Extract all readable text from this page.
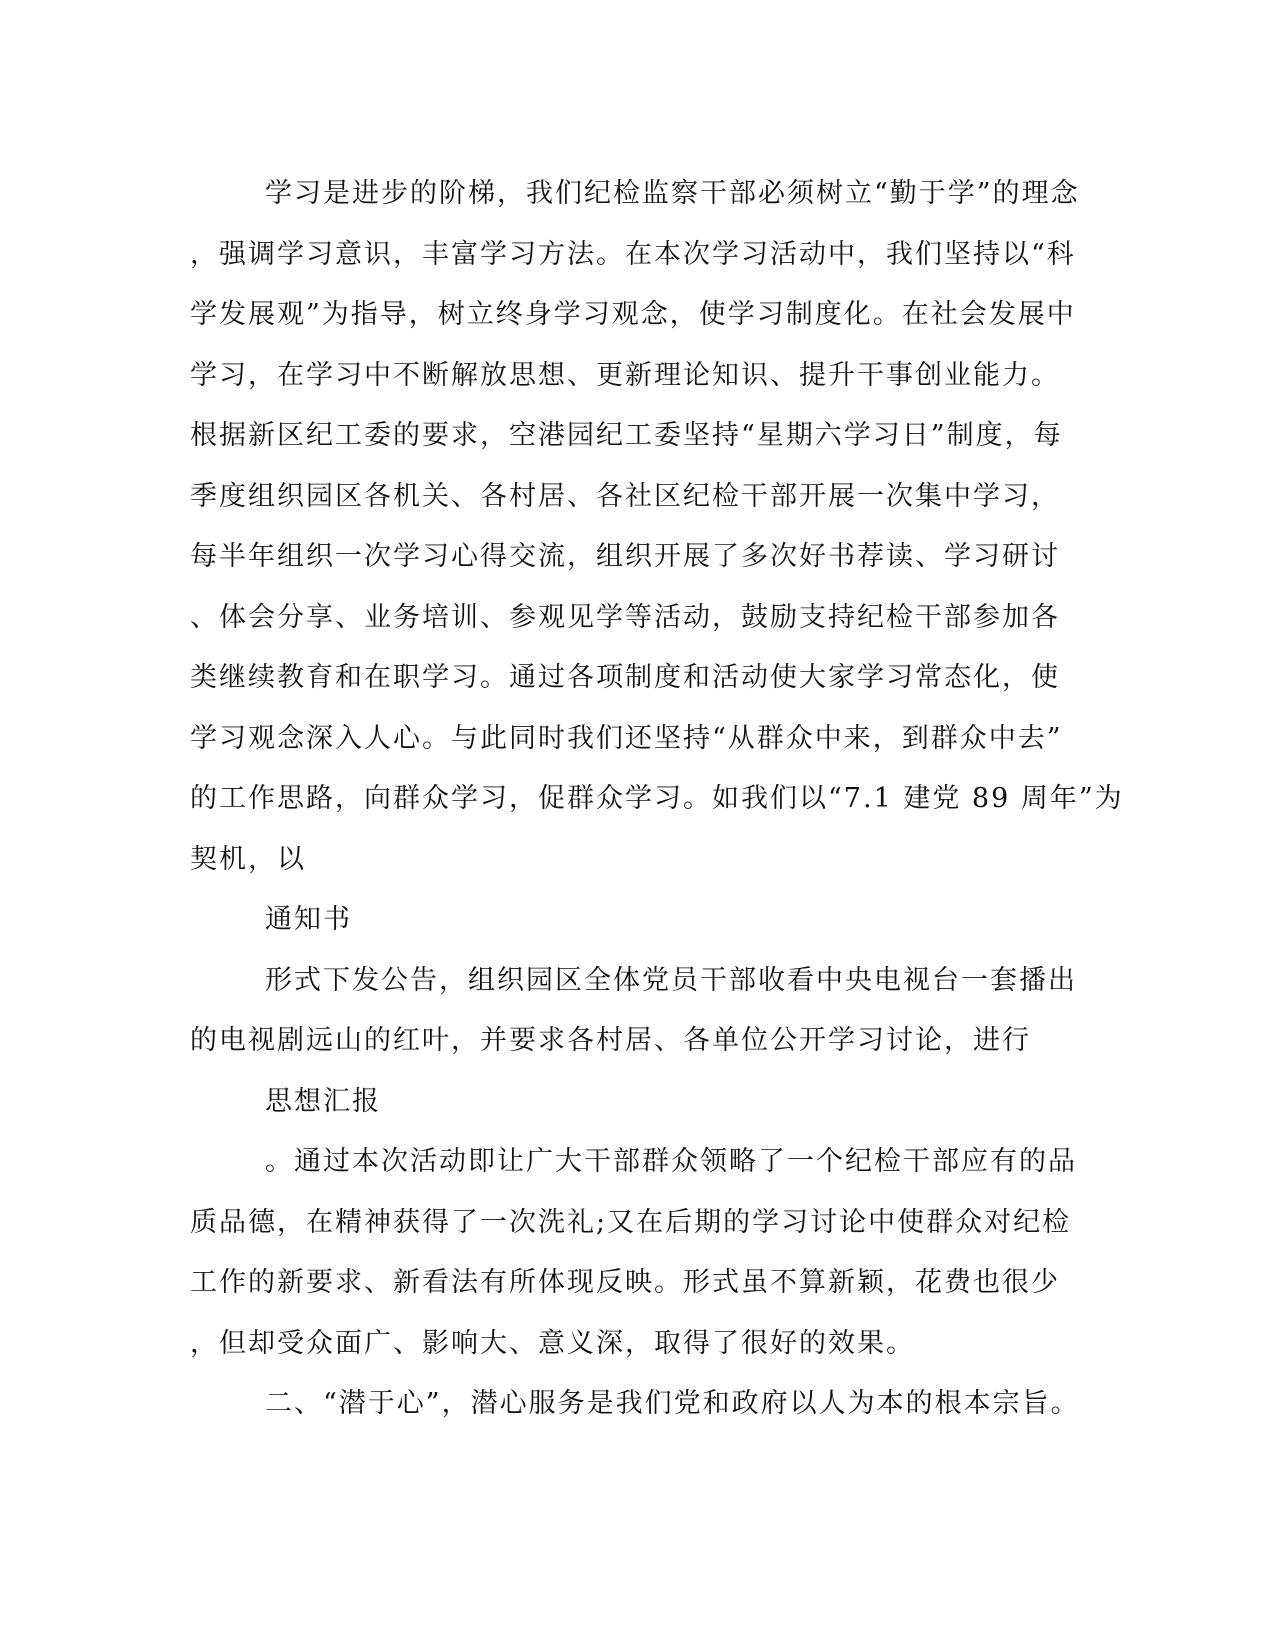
学习是进步的阶梯，我们纪检监察干部必须树立“勤于学”的理念
，强调学习意识，丰富学习方法。在本次学习活动中，我们坚持以“科
学发展观”为指导，树立终身学习观念，使学习制度化。在社会发展中
学习，在学习中不断解放思想、更新理论知识、提升干事创业能力。
根据新区纪工委的要求，空港园纪工委坚持“星期六学习日”制度，每
季度组织园区各机关、各村居、各社区纪检干部开展一次集中学习，
每半年组织一次学习心得交流，组织开展了多次好书荐读、学习研讨
、体会分享、业务培训、参观见学等活动，鼓励支持纪检干部参加各
类继续教育和在职学习。通过各项制度和活动使大家学习常态化，使
学习观念深入人心。与此同时我们还坚持“从群众中来，到群众中去”
的工作思路，向群众学习，促群众学习。如我们以“7.1 建党 89 周年”为
契机，以
通知书
形式下发公告，组织园区全体党员干部收看中央电视台一套播出
的电视剧远山的红叶，并要求各村居、各单位公开学习讨论，进行
思想汇报
。通过本次活动即让广大干部群众领略了一个纪检干部应有的品
质品德，在精神获得了一次洗礼;又在后期的学习讨论中使群众对纪检
工作的新要求、新看法有所体现反映。形式虽不算新颖，花费也很少
，但却受众面广、影响大、意义深，取得了很好的效果。
二、“潜于心”，潜心服务是我们党和政府以人为本的根本宗旨。
